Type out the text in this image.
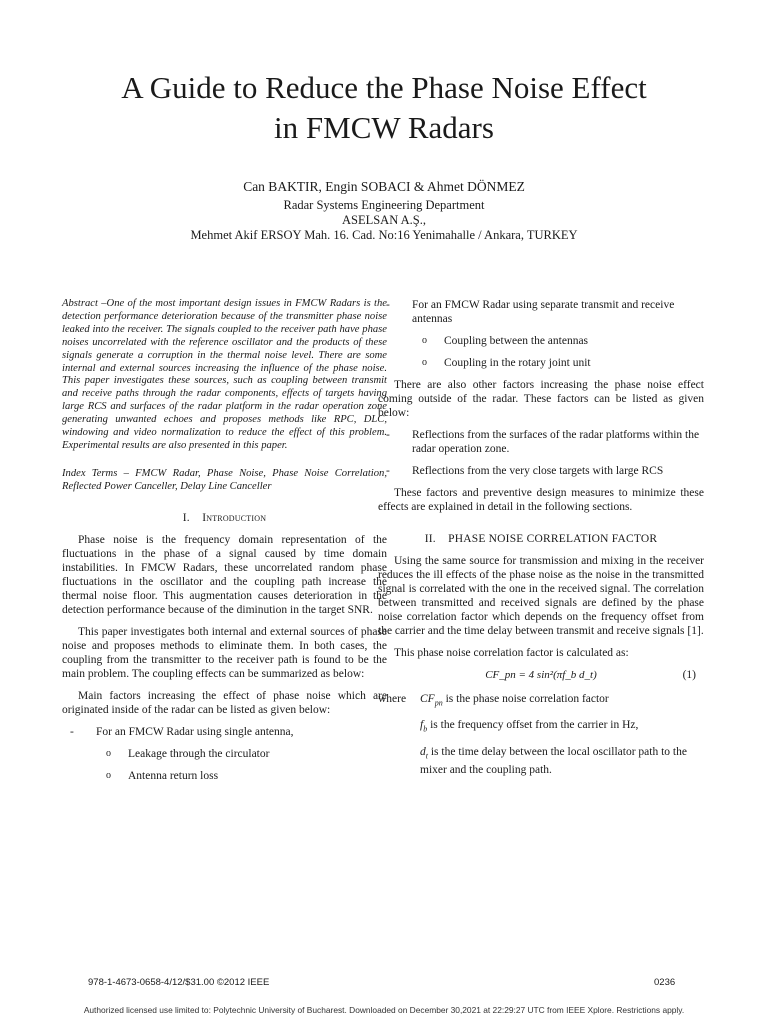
A Guide to Reduce the Phase Noise Effect
in FMCW Radars
Can BAKTIR, Engin SOBACI & Ahmet DÖNMEZ
Radar Systems Engineering Department
ASELSAN A.Ş.,
Mehmet Akif ERSOY Mah. 16. Cad. No:16 Yenimahalle / Ankara, TURKEY

Abstract –One of the most important design issues in FMCW Radars is the detection performance deterioration because of the transmitter phase noise leaked into the receiver. The signals coupled to the receiver path have phase noises uncorrelated with the reference oscillator and the products of these signals generate a corruption in the thermal noise level. There are some internal and external sources increasing the influence of the phase noise. This paper investigates these sources, such as coupling between transmit and receive paths through the radar components, effects of targets having large RCS and surfaces of the radar platform in the radar operation zone generating unwanted echoes and proposes methods like RPC, DLC, windowing and video normalization to reduce the effect of this problem. Experimental results are also presented in this paper.

Index Terms – FMCW Radar, Phase Noise, Phase Noise Correlation, Reflected Power Canceller, Delay Line Canceller

I. Introduction

Phase noise is the frequency domain representation of the fluctuations in the phase of a signal caused by time domain instabilities. In FMCW Radars, these uncorrelated random phase fluctuations in the oscillator and the coupling path increase the thermal noise floor. This augmentation causes deterioration in the detection performance because of the diminution in the target SNR.

This paper investigates both internal and external sources of phase noise and proposes methods to eliminate them. In both cases, the coupling from the transmitter to the receiver path is found to be the main problem. The coupling effects can be summarized as below:

Main factors increasing the effect of phase noise which are originated inside of the radar can be listed as given below:

-	For an FMCW Radar using single antenna,
o	Leakage through the circulator
o	Antenna return loss
-	For an FMCW Radar using separate transmit and receive antennas
o	Coupling between the antennas
o	Coupling in the rotary joint unit

There are also other factors increasing the phase noise effect coming outside of the radar. These factors can be listed as given below:

-	Reflections from the surfaces of the radar platforms within the radar operation zone.
-	Reflections from the very close targets with large RCS

These factors and preventive design measures to minimize these effects are explained in detail in the following sections.

II. PHASE NOISE CORRELATION FACTOR

Using the same source for transmission and mixing in the receiver reduces the ill effects of the phase noise as the noise in the transmitted signal is correlated with the one in the received signal. The correlation between transmitted and received signals are defined by the phase noise correlation factor which depends on the frequency offset from the carrier and the time delay between transmit and receive signals [1].

This phase noise correlation factor is calculated as:

CF_pn = 4 sin²(πf_b d_t)	(1)
where	$CF_{pn}$ is the phase noise correlation factor
$f_b$ is the frequency offset from the carrier in Hz,
$d_t$ is the time delay between the local oscillator path to the mixer and the coupling path.
978-1-4673-0658-4/12/$31.00 ©2012 IEEE	0236
Authorized licensed use limited to: Polytechnic University of Bucharest. Downloaded on December 30,2021 at 22:29:27 UTC from IEEE Xplore. Restrictions apply.
